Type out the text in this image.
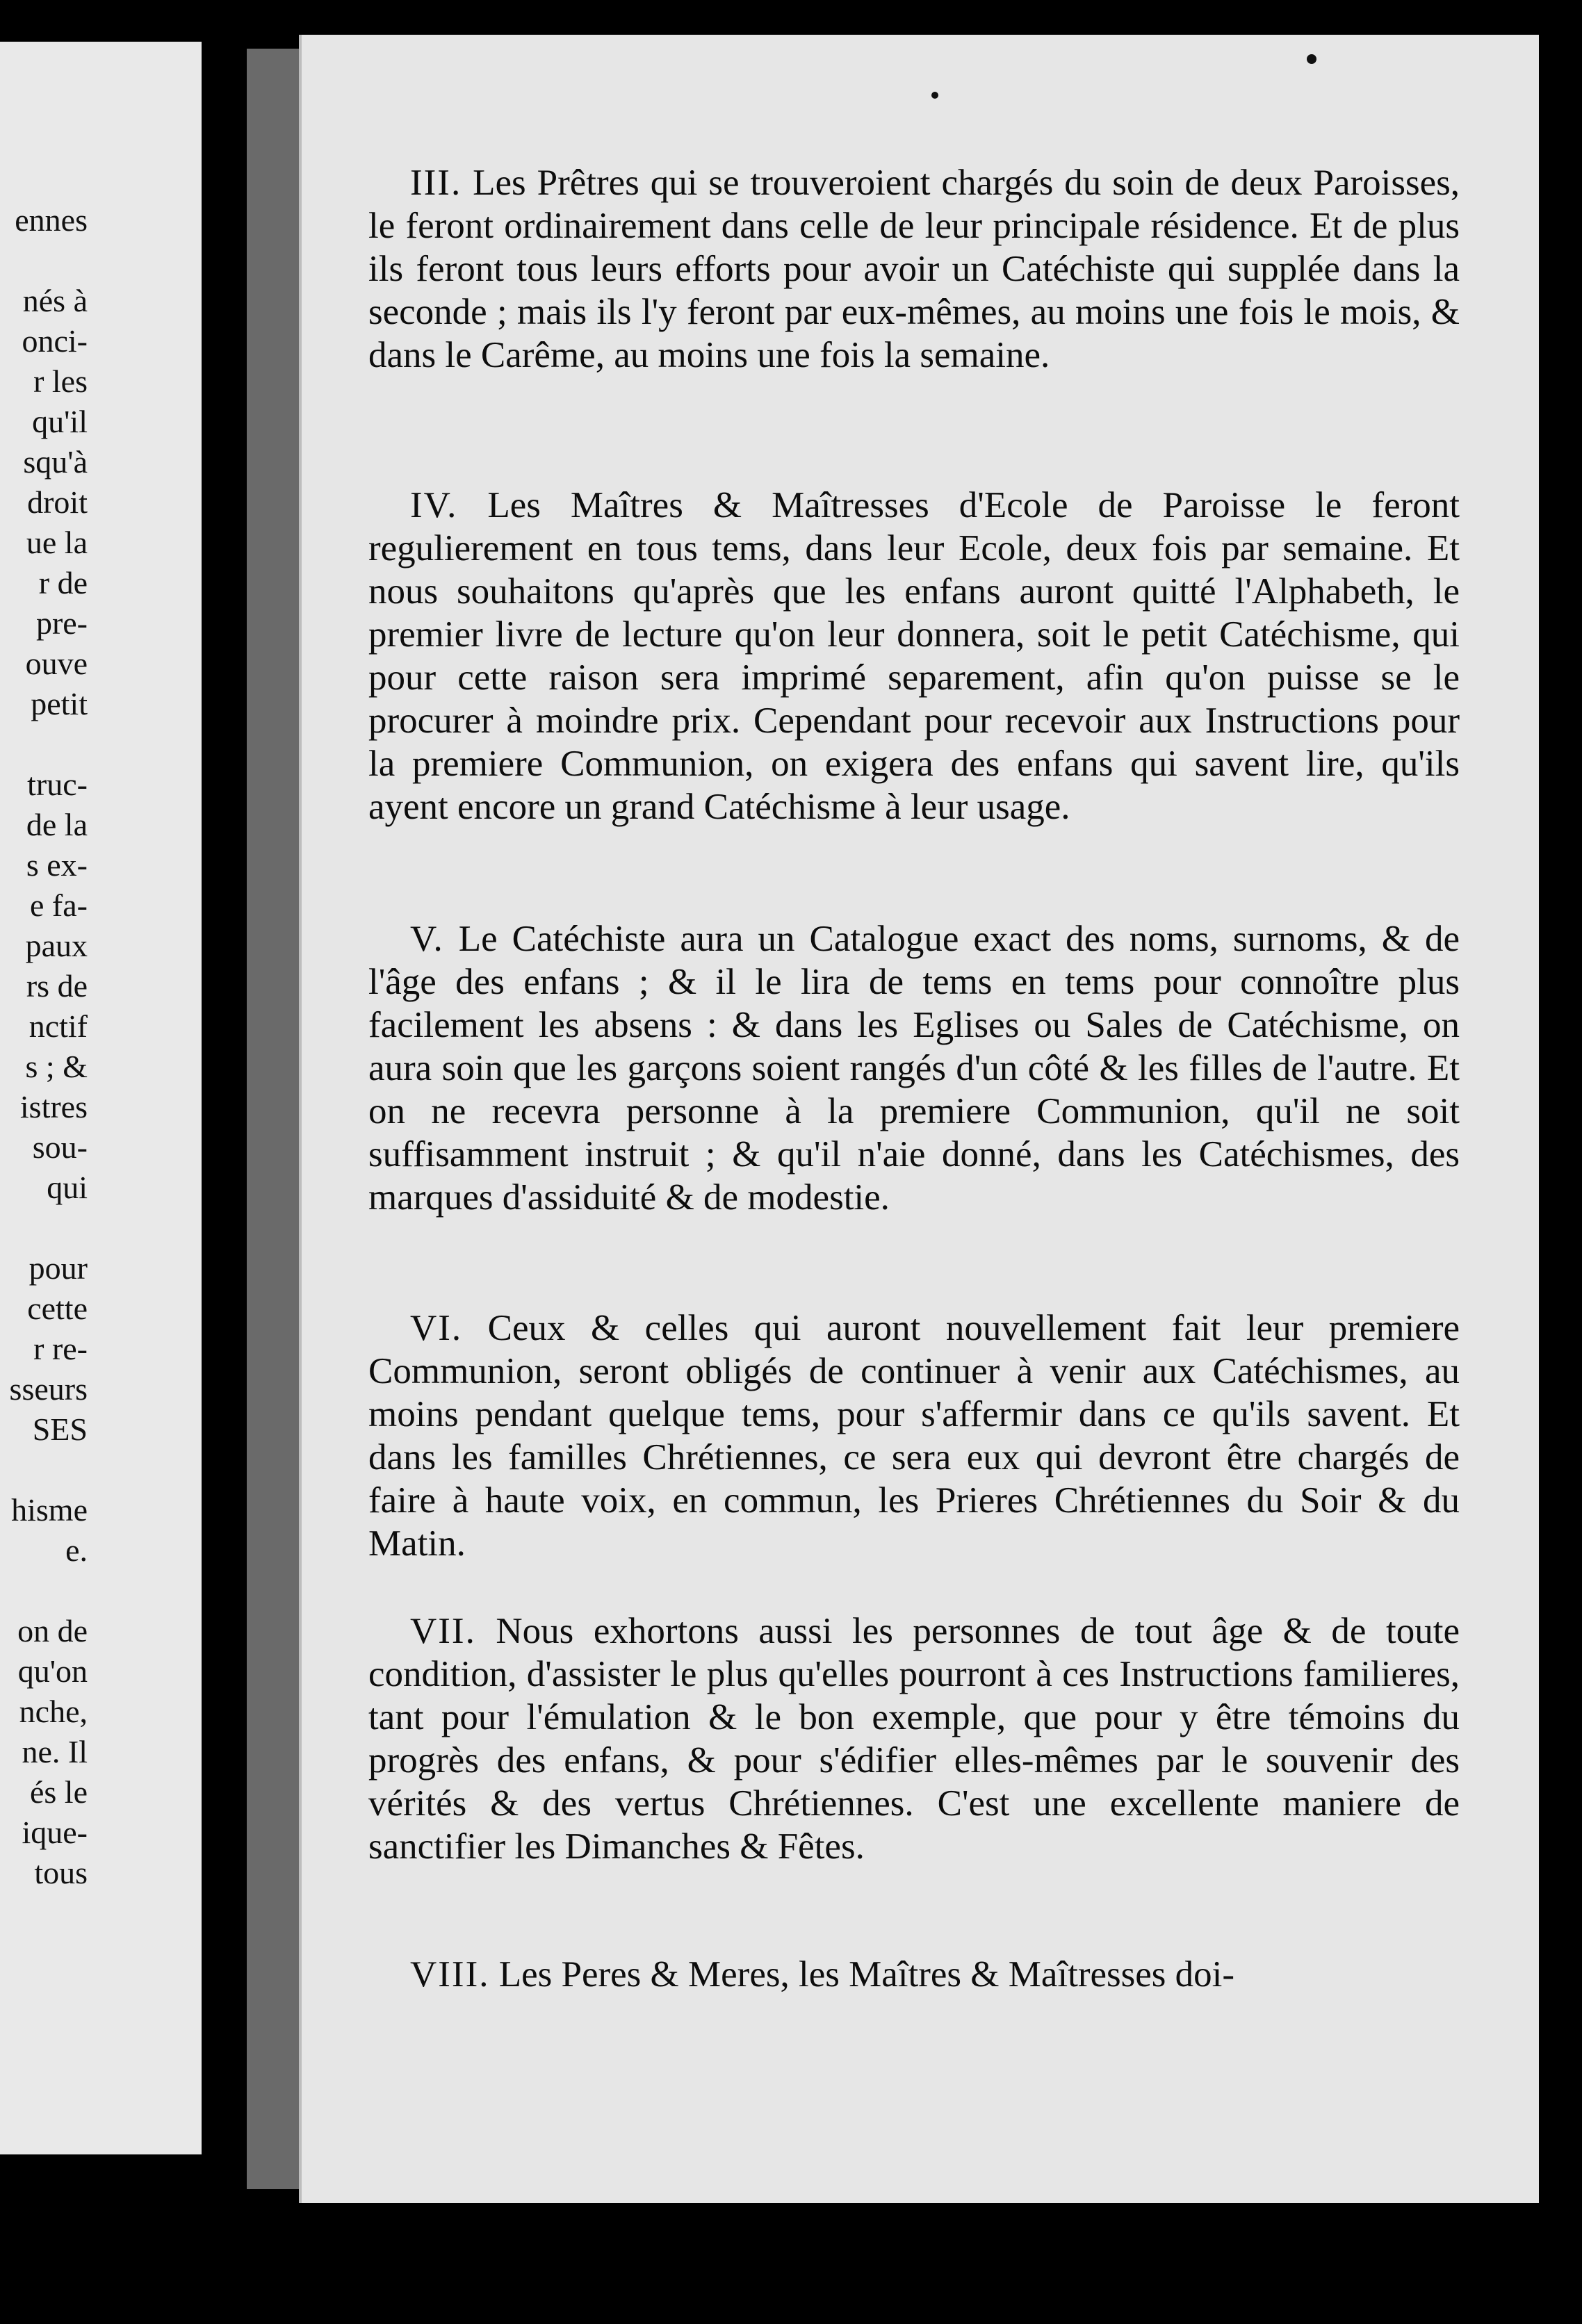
ennes
nés à
onci-
r les
qu'il
squ'à
droit
ue la
r de
pre-
ouve
petit
truc-
de la
s ex-
e fa-
paux
rs de
nctif
s ; &
istres
sou-
qui
pour
cette
r re-
sseurs
SES
hisme
e.
on de
qu'on
nche,
ne. Il
és le
ique-
tous

III. Les Prêtres qui se trouveroient chargés du soin de deux Paroisses, le feront ordinairement dans celle de leur principale résidence. Et de plus ils feront tous leurs efforts pour avoir un Catéchiste qui supplée dans la seconde ; mais ils l'y feront par eux-mêmes, au moins une fois le mois, & dans le Carême, au moins une fois la semaine.

IV. Les Maîtres & Maîtresses d'Ecole de Paroisse le feront regulierement en tous tems, dans leur Ecole, deux fois par semaine. Et nous souhaitons qu'après que les enfans auront quitté l'Alphabeth, le premier livre de lecture qu'on leur donnera, soit le petit Catéchisme, qui pour cette raison sera imprimé separement, afin qu'on puisse se le procurer à moindre prix. Cependant pour recevoir aux Instructions pour la premiere Communion, on exigera des enfans qui savent lire, qu'ils ayent encore un grand Catéchisme à leur usage.

V. Le Catéchiste aura un Catalogue exact des noms, surnoms, & de l'âge des enfans ; & il le lira de tems en tems pour connoître plus facilement les absens : & dans les Eglises ou Sales de Catéchisme, on aura soin que les garçons soient rangés d'un côté & les filles de l'autre. Et on ne recevra personne à la premiere Communion, qu'il ne soit suffisamment instruit ; & qu'il n'aie donné, dans les Catéchismes, des marques d'assiduité & de modestie.

VI. Ceux & celles qui auront nouvellement fait leur premiere Communion, seront obligés de continuer à venir aux Catéchismes, au moins pendant quelque tems, pour s'affermir dans ce qu'ils savent. Et dans les familles Chrétiennes, ce sera eux qui devront être chargés de faire à haute voix, en commun, les Prieres Chrétiennes du Soir & du Matin.

VII. Nous exhortons aussi les personnes de tout âge & de toute condition, d'assister le plus qu'elles pourront à ces Instructions familieres, tant pour l'émulation & le bon exemple, que pour y être témoins du progrès des enfans, & pour s'édifier elles-mêmes par le souvenir des vérités & des vertus Chrétiennes. C'est une excellente maniere de sanctifier les Dimanches & Fêtes.

VIII. Les Peres & Meres, les Maîtres & Maîtresses doi-
